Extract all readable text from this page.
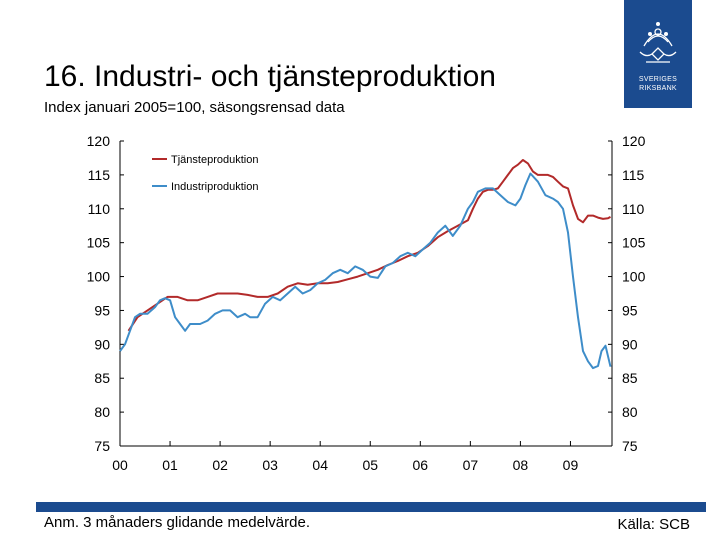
16. Industri- och tjänsteproduktion
Index januari 2005=100, säsongsrensad data
SVERIGES
RIKSBANK
75	75
80	80
85	85
90	90
95	95
100	100
105	105
110	110
115	115
120	120
00 01 02 03 04 05 06 07 08 09
Tjänsteproduktion
Industriproduktion
Anm. 3 månaders glidande medelvärde.	Källa: SCB
